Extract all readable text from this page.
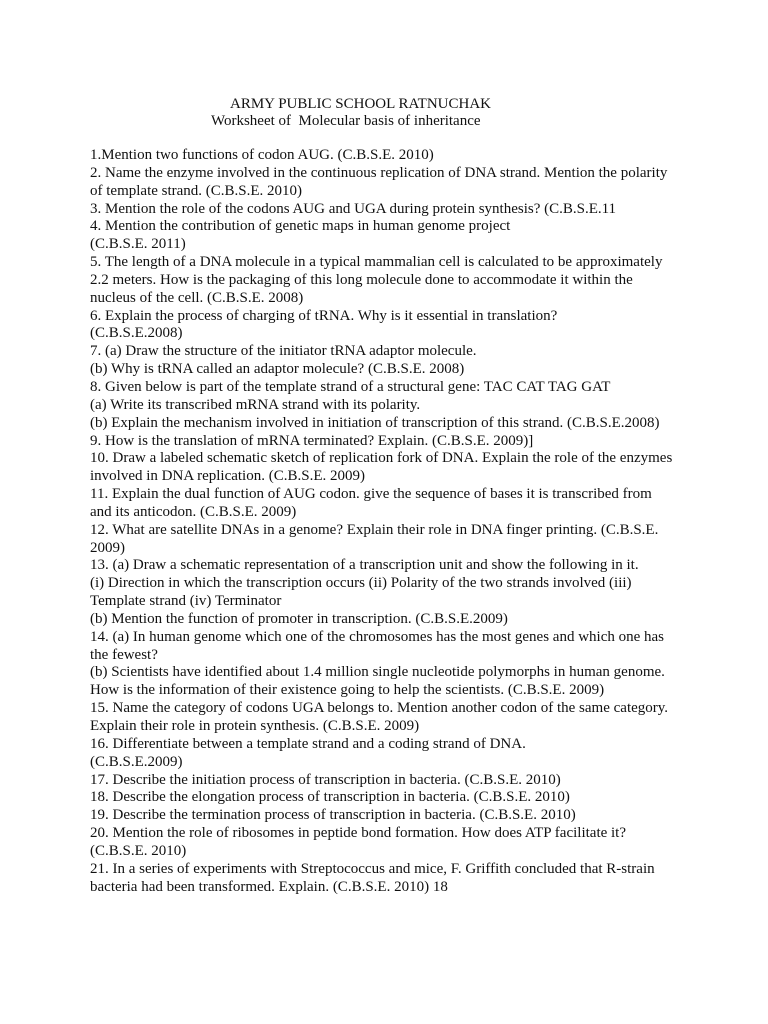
ARMY PUBLIC SCHOOL RATNUCHAK
Worksheet of  Molecular basis of inheritance
1.Mention two functions of codon AUG. (C.B.S.E. 2010)
2. Name the enzyme involved in the continuous replication of DNA strand. Mention the polarity
of template strand. (C.B.S.E. 2010)
3. Mention the role of the codons AUG and UGA during protein synthesis? (C.B.S.E.11
4. Mention the contribution of genetic maps in human genome project
(C.B.S.E. 2011)
5. The length of a DNA molecule in a typical mammalian cell is calculated to be approximately
2.2 meters. How is the packaging of this long molecule done to accommodate it within the
nucleus of the cell. (C.B.S.E. 2008)
6. Explain the process of charging of tRNA. Why is it essential in translation?
(C.B.S.E.2008)
7. (a) Draw the structure of the initiator tRNA adaptor molecule.
(b) Why is tRNA called an adaptor molecule? (C.B.S.E. 2008)
8. Given below is part of the template strand of a structural gene: TAC CAT TAG GAT
(a) Write its transcribed mRNA strand with its polarity.
(b) Explain the mechanism involved in initiation of transcription of this strand. (C.B.S.E.2008)
9. How is the translation of mRNA terminated? Explain. (C.B.S.E. 2009)]
10. Draw a labeled schematic sketch of replication fork of DNA. Explain the role of the enzymes
involved in DNA replication. (C.B.S.E. 2009)
11. Explain the dual function of AUG codon. give the sequence of bases it is transcribed from
and its anticodon. (C.B.S.E. 2009)
12. What are satellite DNAs in a genome? Explain their role in DNA finger printing. (C.B.S.E.
2009)
13. (a) Draw a schematic representation of a transcription unit and show the following in it.
(i) Direction in which the transcription occurs (ii) Polarity of the two strands involved (iii)
Template strand (iv) Terminator
(b) Mention the function of promoter in transcription. (C.B.S.E.2009)
14. (a) In human genome which one of the chromosomes has the most genes and which one has
the fewest?
(b) Scientists have identified about 1.4 million single nucleotide polymorphs in human genome.
How is the information of their existence going to help the scientists. (C.B.S.E. 2009)
15. Name the category of codons UGA belongs to. Mention another codon of the same category.
Explain their role in protein synthesis. (C.B.S.E. 2009)
16. Differentiate between a template strand and a coding strand of DNA.
(C.B.S.E.2009)
17. Describe the initiation process of transcription in bacteria. (C.B.S.E. 2010)
18. Describe the elongation process of transcription in bacteria. (C.B.S.E. 2010)
19. Describe the termination process of transcription in bacteria. (C.B.S.E. 2010)
20. Mention the role of ribosomes in peptide bond formation. How does ATP facilitate it?
(C.B.S.E. 2010)
21. In a series of experiments with Streptococcus and mice, F. Griffith concluded that R-strain
bacteria had been transformed. Explain. (C.B.S.E. 2010) 18
